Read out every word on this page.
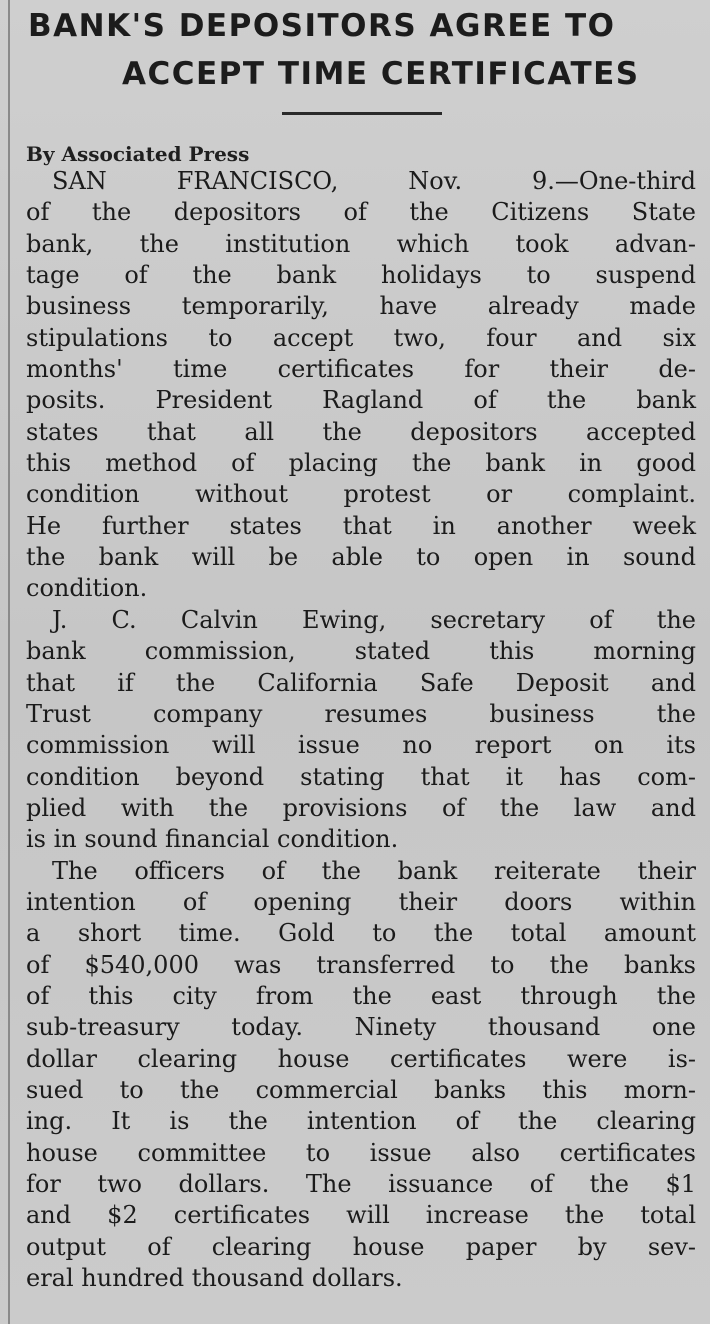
BANK'S DEPOSITORS AGREE TO
ACCEPT TIME CERTIFICATES
By Associated Press
SAN FRANCISCO, Nov. 9.—One-third
of the depositors of the Citizens State
bank, the institution which took advan-
tage of the bank holidays to suspend
business temporarily, have already made
stipulations to accept two, four and six
months' time certificates for their de-
posits. President Ragland of the bank
states that all the depositors accepted
this method of placing the bank in good
condition without protest or complaint.
He further states that in another week
the bank will be able to open in sound
condition.
J. C. Calvin Ewing, secretary of the
bank commission, stated this morning
that if the California Safe Deposit and
Trust company resumes business the
commission will issue no report on its
condition beyond stating that it has com-
plied with the provisions of the law and
is in sound financial condition.
The officers of the bank reiterate their
intention of opening their doors within
a short time. Gold to the total amount
of $540,000 was transferred to the banks
of this city from the east through the
sub-treasury today. Ninety thousand one
dollar clearing house certificates were is-
sued to the commercial banks this morn-
ing. It is the intention of the clearing
house committee to issue also certificates
for two dollars. The issuance of the $1
and $2 certificates will increase the total
output of clearing house paper by sev-
eral hundred thousand dollars.
